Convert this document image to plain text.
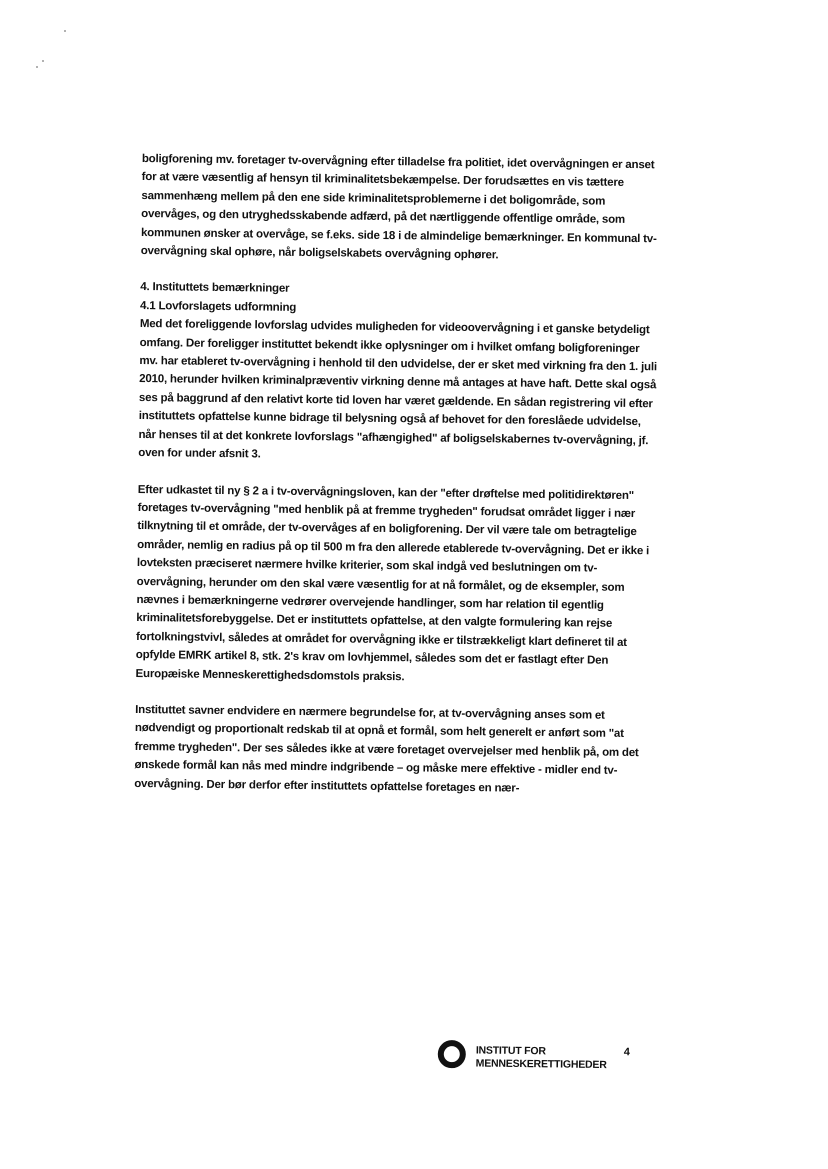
boligforening mv. foretager tv-overvågning efter tilladelse fra politiet, idet overvågningen er anset for at være væsentlig af hensyn til kriminalitetsbekæmpelse. Der forudsættes en vis tættere sammenhæng mellem på den ene side kriminalitetsproblemerne i det boligområde, som overvåges, og den utryghedsskabende adfærd, på det nærtliggende offentlige område, som kommunen ønsker at overvåge, se f.eks. side 18 i de almindelige bemærkninger. En kommunal tv-overvågning skal ophøre, når boligselskabets overvågning ophører.

4. Instituttets bemærkninger

4.1 Lovforslagets udformning

Med det foreliggende lovforslag udvides muligheden for videoovervågning i et ganske betydeligt omfang. Der foreligger instituttet bekendt ikke oplysninger om i hvilket omfang boligforeninger mv. har etableret tv-overvågning i henhold til den udvidelse, der er sket med virkning fra den 1. juli 2010, herunder hvilken kriminalpræventiv virkning denne må antages at have haft. Dette skal også ses på baggrund af den relativt korte tid loven har været gældende. En sådan registrering vil efter instituttets opfattelse kunne bidrage til belysning også af behovet for den foreslåede udvidelse, når henses til at det konkrete lovforslags "afhængighed" af boligselskabernes tv-overvågning, jf. oven for under afsnit 3.

Efter udkastet til ny § 2 a i tv-overvågningsloven, kan der "efter drøftelse med politidirektøren" foretages tv-overvågning "med henblik på at fremme trygheden" forudsat området ligger i nær tilknytning til et område, der tv-overvåges af en boligforening. Der vil være tale om betragtelige områder, nemlig en radius på op til 500 m fra den allerede etablerede tv-overvågning. Det er ikke i lovteksten præciseret nærmere hvilke kriterier, som skal indgå ved beslutningen om tv-overvågning, herunder om den skal være væsentlig for at nå formålet, og de eksempler, som nævnes i bemærkningerne vedrører overvejende handlinger, som har relation til egentlig kriminalitetsforebyggelse. Det er instituttets opfattelse, at den valgte formulering kan rejse fortolkningstvivl, således at området for overvågning ikke er tilstrækkeligt klart defineret til at opfylde EMRK artikel 8, stk. 2's krav om lovhjemmel, således som det er fastlagt efter Den Europæiske Menneskerettighedsdomstols praksis.

Instituttet savner endvidere en nærmere begrundelse for, at tv-overvågning anses som et nødvendigt og proportionalt redskab til at opnå et formål, som helt generelt er anført som "at fremme trygheden". Der ses således ikke at være foretaget overvejelser med henblik på, om det ønskede formål kan nås med mindre indgribende – og måske mere effektive - midler end tv-overvågning. Der bør derfor efter instituttets opfattelse foretages en nær-

INSTITUT FOR
MENNESKERETTIGHEDER
4
